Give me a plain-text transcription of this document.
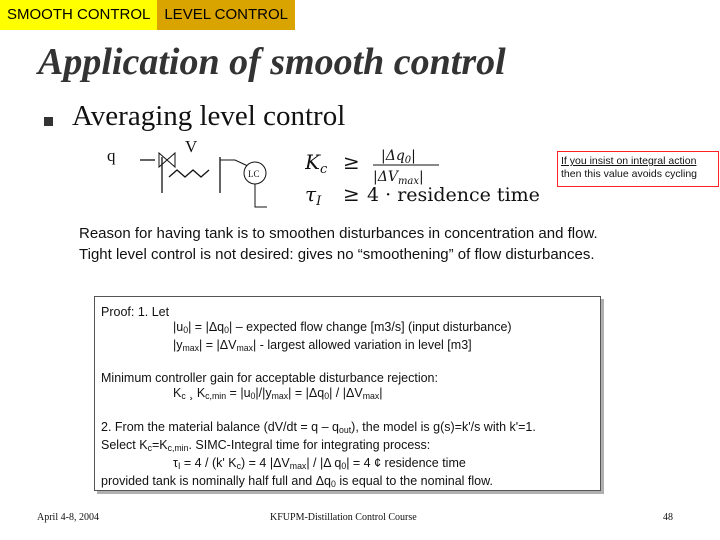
SMOOTH CONTROL LEVEL CONTROL
Application of smooth control
Averaging level control
q	V
LC $K_c \ge |\Delta q_0|$
$|\Delta V_{max}|$
$\tau_I \ge 4$ · residence time
If you insist on integral action
then this value avoids cycling
Reason for having tank is to smoothen disturbances in concentration and flow.
Tight level control is not desired: gives no “smoothening” of flow disturbances.
Proof: 1. Let
$|u_0| = |\Delta q_0|$ – expected flow change [m3/s] (input disturbance)
$|y_{max}| = |\Delta V_{max}|$ - largest allowed variation in level [m3]
Minimum controller gain for acceptable disturbance rejection:
$K_c$ ¸ $K_{c,min} = |u_0|/|y_{max}| = |\Delta q_0| / |\Delta V_{max}|$
2. From the material balance $(dV/dt = q - q_{out})$, the model is g(s)=k'/s with k'=1.
Select $K_c=K_{c,min}$. SIMC-Integral time for integrating process:
$\tau_I = 4 / (k'$ $K_c) = 4$ $|\Delta V_{max}| / |\Delta$ $q_0| = 4$ ¢ residence time
provided tank is nominally half full and $\Delta q_0$ is equal to the nominal flow.
April 4-8, 2004	KFUPM-Distillation Control Course	48
